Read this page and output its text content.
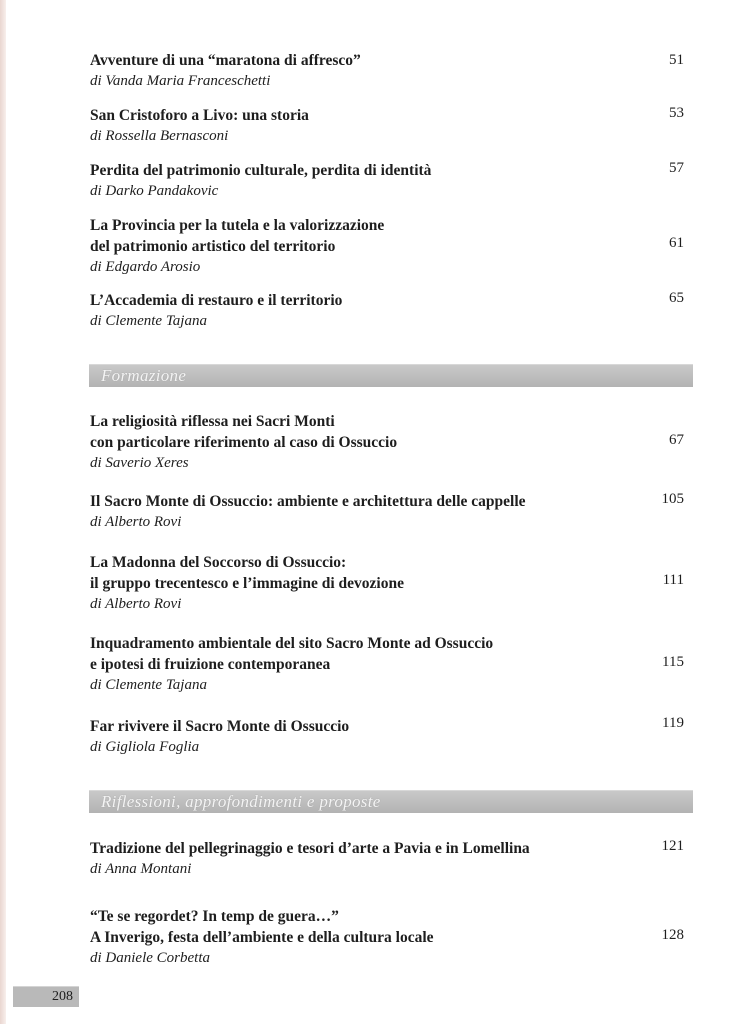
Avventure di una “maratona di affresco”
di Vanda Maria Franceschetti
51
San Cristoforo a Livo: una storia
di Rossella Bernasconi
53
Perdita del patrimonio culturale, perdita di identità
di Darko Pandakovic
57
La Provincia per la tutela e la valorizzazione
del patrimonio artistico del territorio
di Edgardo Arosio
61
L’Accademia di restauro e il territorio
di Clemente Tajana
65
Formazione
La religiosità riflessa nei Sacri Monti
con particolare riferimento al caso di Ossuccio
di Saverio Xeres
67
Il Sacro Monte di Ossuccio: ambiente e architettura delle cappelle
di Alberto Rovi
105
La Madonna del Soccorso di Ossuccio:
il gruppo trecentesco e l’immagine di devozione
di Alberto Rovi
111
Inquadramento ambientale del sito Sacro Monte ad Ossuccio
e ipotesi di fruizione contemporanea
di Clemente Tajana
115
Far rivivere il Sacro Monte di Ossuccio
di Gigliola Foglia
119
Riflessioni, approfondimenti e proposte
Tradizione del pellegrinaggio e tesori d’arte a Pavia e in Lomellina
di Anna Montani
121
“Te se regordet? In temp de guera…”
A Inverigo, festa dell’ambiente e della cultura locale
di Daniele Corbetta
128
208
